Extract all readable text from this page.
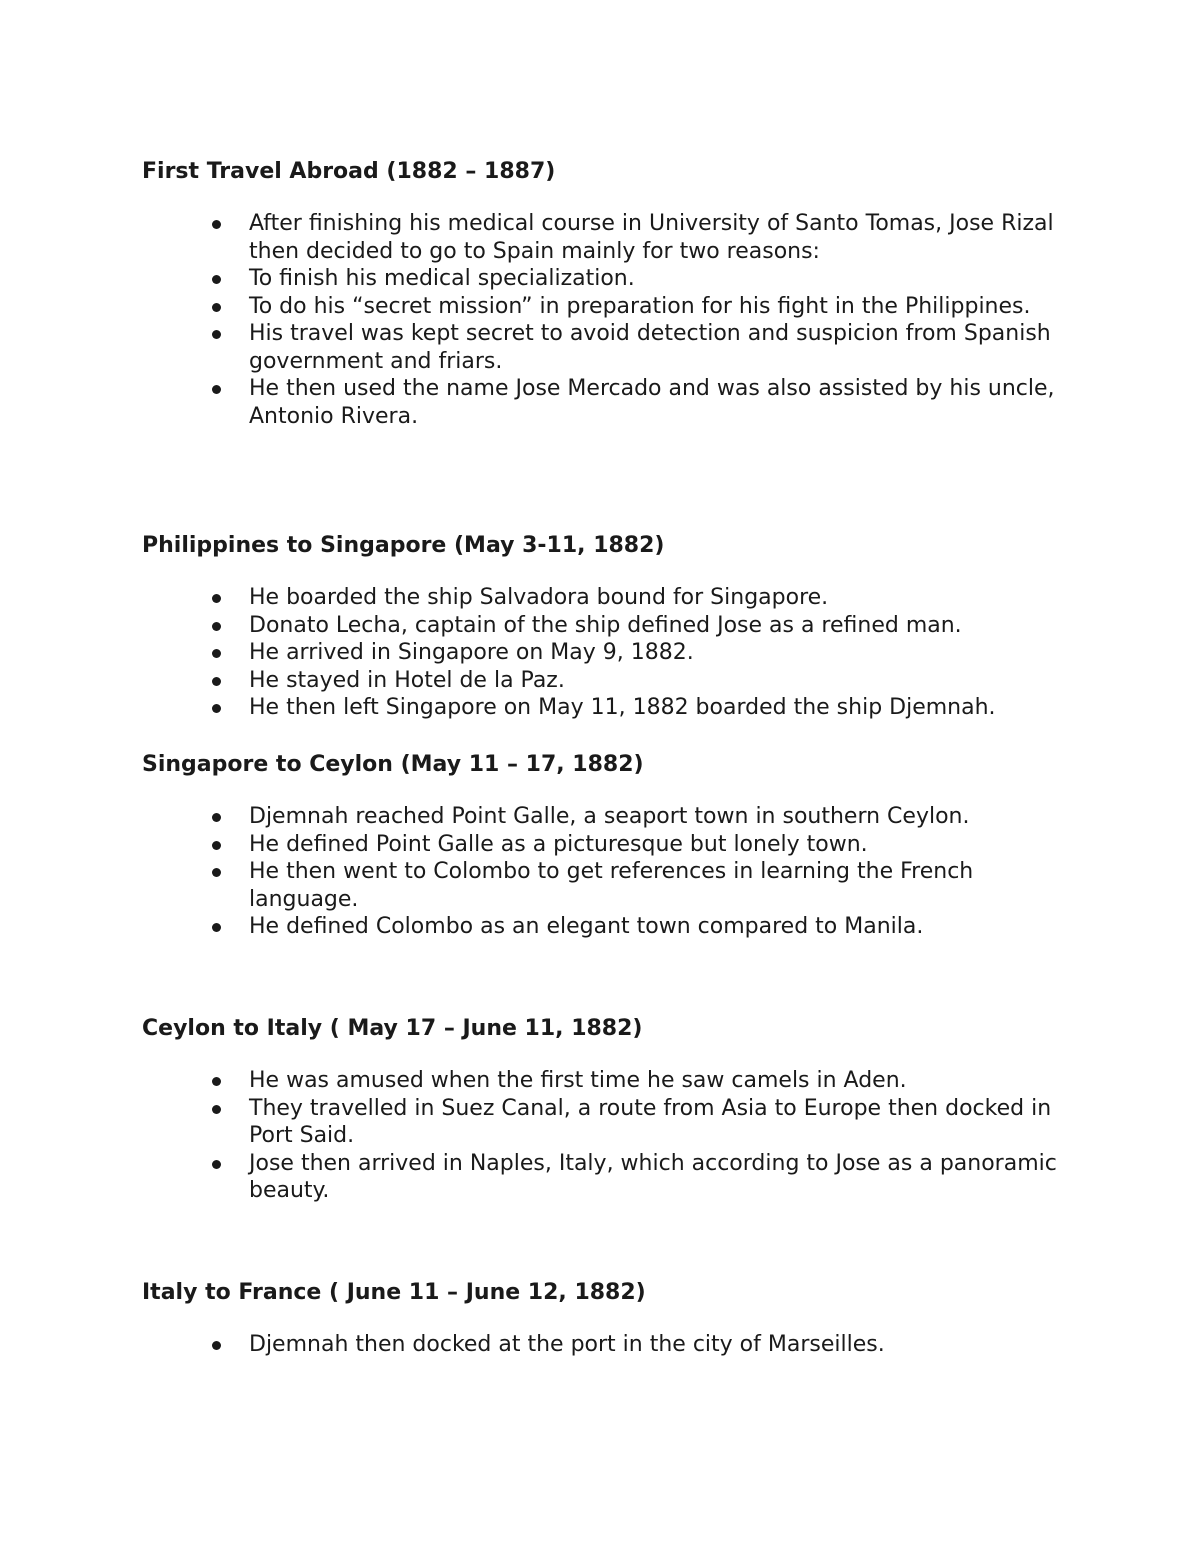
First Travel Abroad (1882 – 1887)
After finishing his medical course in University of Santo Tomas, Jose Rizal then decided to go to Spain mainly for two reasons:
To finish his medical specialization.
To do his “secret mission” in preparation for his fight in the Philippines.
His travel was kept secret to avoid detection and suspicion from Spanish government and friars.
He then used the name Jose Mercado and was also assisted by his uncle, Antonio Rivera.
Philippines to Singapore (May 3-11, 1882)
He boarded the ship Salvadora bound for Singapore.
Donato Lecha, captain of the ship defined Jose as a refined man.
He arrived in Singapore on May 9, 1882.
He stayed in Hotel de la Paz.
He then left Singapore on May 11, 1882 boarded the ship Djemnah.
Singapore to Ceylon (May 11 – 17, 1882)
Djemnah reached Point Galle, a seaport town in southern Ceylon.
He defined Point Galle as a picturesque but lonely town.
He then went to Colombo to get references in learning the French language.
He defined Colombo as an elegant town compared to Manila.
Ceylon to Italy ( May 17 – June 11, 1882)
He was amused when the first time he saw camels in Aden.
They travelled in Suez Canal, a route from Asia to Europe then docked in Port Said.
Jose then arrived in Naples, Italy, which according to Jose as a panoramic beauty.
Italy to France ( June 11 – June 12, 1882)
Djemnah then docked at the port in the city of Marseilles.
